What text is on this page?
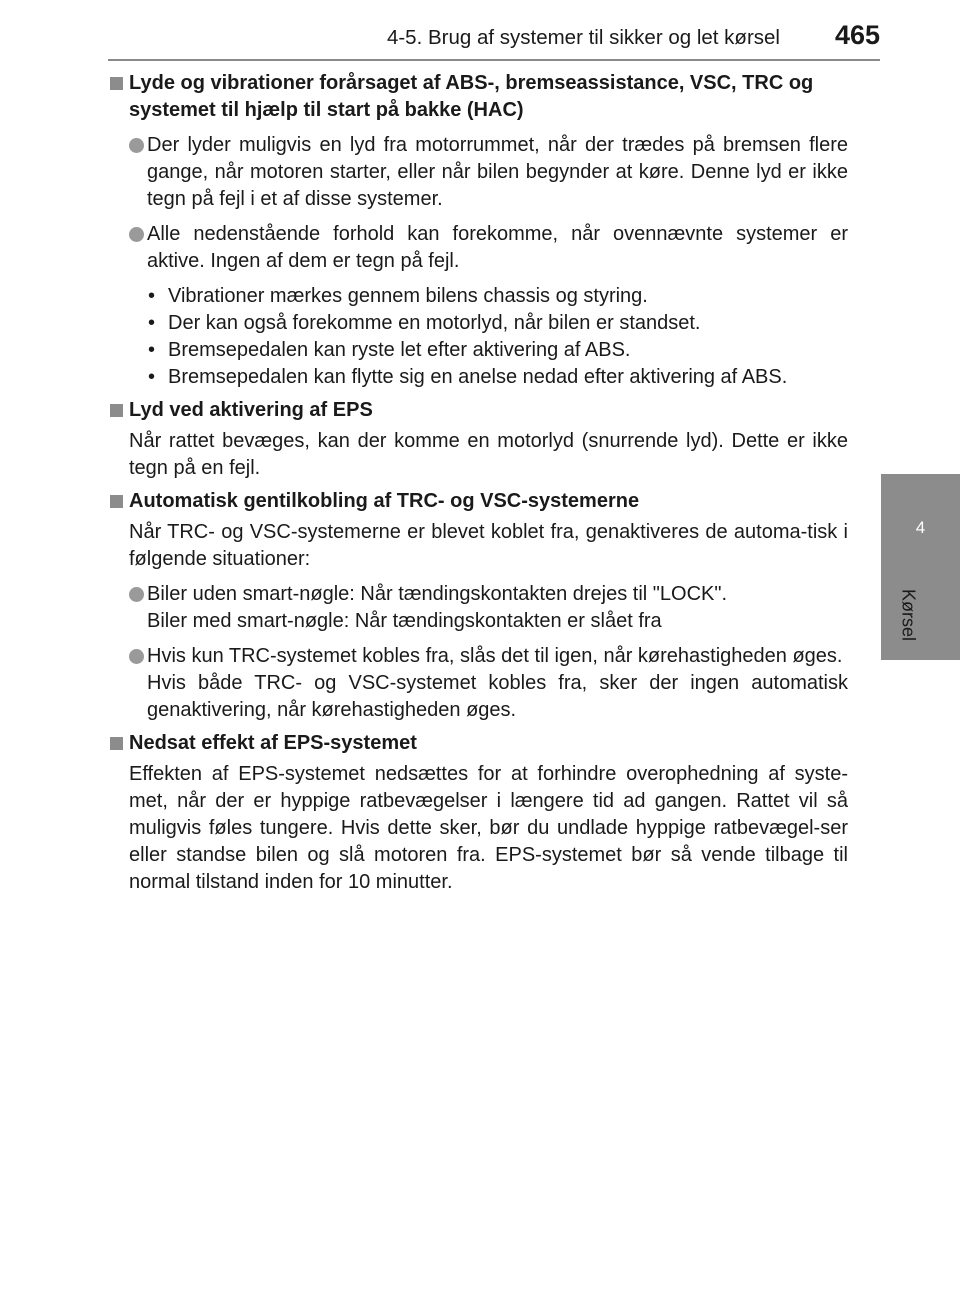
4-5. Brug af systemer til sikker og let kørsel 465
4
Kørsel
Lyde og vibrationer forårsaget af ABS-, bremseassistance, VSC, TRC og
systemet til hjælp til start på bakke (HAC)
Der lyder muligvis en lyd fra motorrummet, når der trædes på bremsen flere gange, når motoren starter, eller når bilen begynder at køre. Denne lyd er ikke tegn på fejl i et af disse systemer.
Alle nedenstående forhold kan forekomme, når ovennævnte systemer er aktive. Ingen af dem er tegn på fejl.
• Vibrationer mærkes gennem bilens chassis og styring.
• Der kan også forekomme en motorlyd, når bilen er standset.
• Bremsepedalen kan ryste let efter aktivering af ABS.
• Bremsepedalen kan flytte sig en anelse nedad efter aktivering af ABS.
Lyd ved aktivering af EPS
Når rattet bevæges, kan der komme en motorlyd (snurrende lyd). Dette er ikke tegn på en fejl.
Automatisk gentilkobling af TRC- og VSC-systemerne
Når TRC- og VSC-systemerne er blevet koblet fra, genaktiveres de automa-tisk i følgende situationer:
Biler uden smart-nøgle: Når tændingskontakten drejes til "LOCK".
Biler med smart-nøgle: Når tændingskontakten er slået fra
Hvis kun TRC-systemet kobles fra, slås det til igen, når kørehastigheden øges.
Hvis både TRC- og VSC-systemet kobles fra, sker der ingen automatisk genaktivering, når kørehastigheden øges.
Nedsat effekt af EPS-systemet
Effekten af EPS-systemet nedsættes for at forhindre overophedning af syste-met, når der er hyppige ratbevægelser i længere tid ad gangen. Rattet vil så muligvis føles tungere. Hvis dette sker, bør du undlade hyppige ratbevægel-ser eller standse bilen og slå motoren fra. EPS-systemet bør så vende tilbage til normal tilstand inden for 10 minutter.
